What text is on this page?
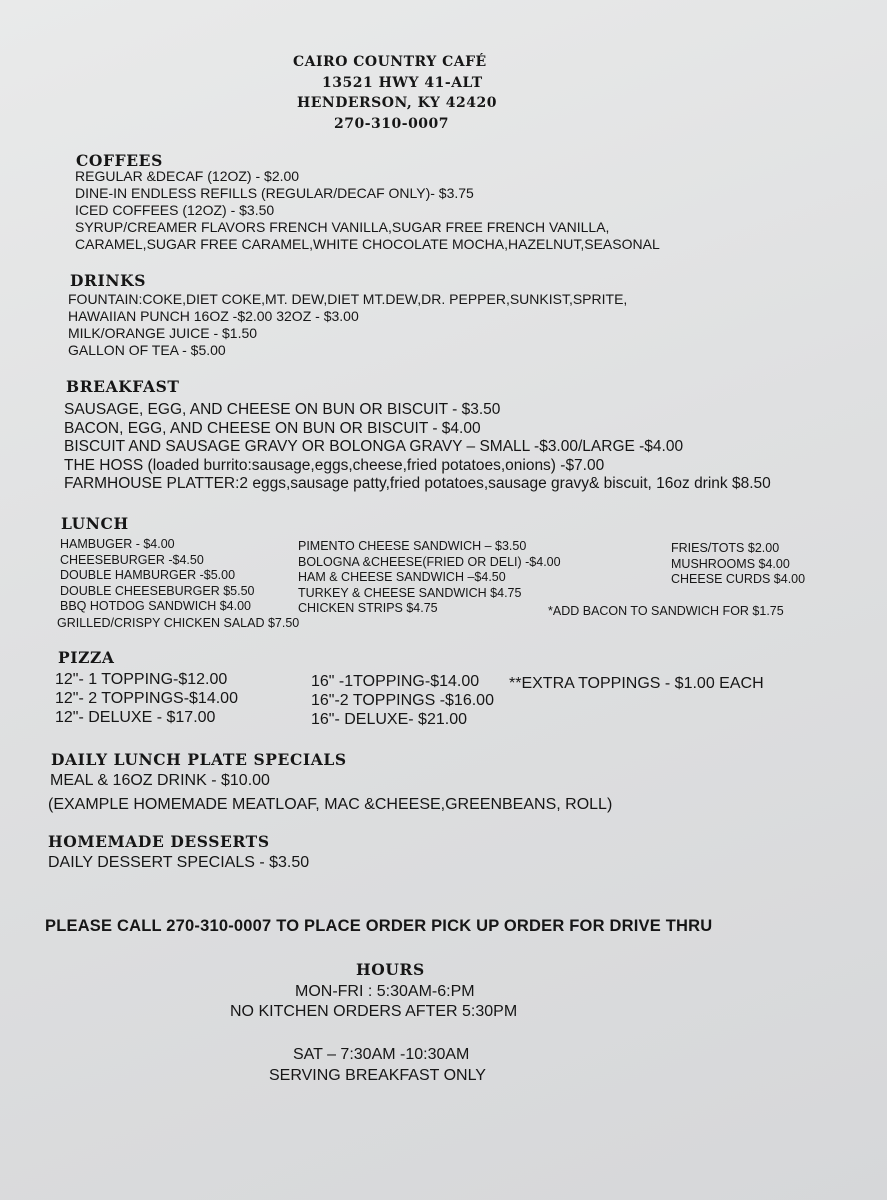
CAIRO COUNTRY CAFÉ
13521 HWY 41-ALT
HENDERSON, KY 42420
270-310-0007
COFFEES
REGULAR &DECAF (12OZ) - $2.00
DINE-IN ENDLESS REFILLS (REGULAR/DECAF ONLY)- $3.75
ICED COFFEES (12OZ) - $3.50
SYRUP/CREAMER FLAVORS FRENCH VANILLA,SUGAR FREE FRENCH VANILLA,
CARAMEL,SUGAR FREE CARAMEL,WHITE CHOCOLATE MOCHA,HAZELNUT,SEASONAL
DRINKS
FOUNTAIN:COKE,DIET COKE,MT. DEW,DIET MT.DEW,DR. PEPPER,SUNKIST,SPRITE,
HAWAIIAN PUNCH 16OZ -$2.00 32OZ - $3.00
MILK/ORANGE JUICE - $1.50
GALLON OF TEA - $5.00
BREAKFAST
SAUSAGE, EGG, AND CHEESE ON BUN OR BISCUIT - $3.50
BACON, EGG, AND CHEESE ON BUN OR BISCUIT - $4.00
BISCUIT AND SAUSAGE GRAVY OR BOLONGA GRAVY – SMALL -$3.00/LARGE -$4.00
THE HOSS (loaded burrito:sausage,eggs,cheese,fried potatoes,onions) -$7.00
FARMHOUSE PLATTER:2 eggs,sausage patty,fried potatoes,sausage gravy& biscuit, 16oz drink $8.50
LUNCH
HAMBUGER - $4.00
CHEESEBURGER -$4.50
DOUBLE HAMBURGER -$5.00
DOUBLE CHEESEBURGER $5.50
BBQ HOTDOG SANDWICH $4.00
PIMENTO CHEESE SANDWICH – $3.50
BOLOGNA &CHEESE(FRIED OR DELI) -$4.00
HAM & CHEESE SANDWICH –$4.50
TURKEY & CHEESE SANDWICH $4.75
CHICKEN STRIPS $4.75
FRIES/TOTS $2.00
MUSHROOMS $4.00
CHEESE CURDS $4.00
*ADD BACON TO SANDWICH FOR $1.75
GRILLED/CRISPY CHICKEN SALAD $7.50
PIZZA
12"- 1 TOPPING-$12.00
12"- 2 TOPPINGS-$14.00
12"- DELUXE - $17.00
16" -1TOPPING-$14.00
16"-2 TOPPINGS -$16.00
16"- DELUXE- $21.00
**EXTRA TOPPINGS - $1.00 EACH
DAILY LUNCH PLATE SPECIALS
MEAL & 16OZ DRINK - $10.00
(EXAMPLE HOMEMADE MEATLOAF, MAC &CHEESE,GREENBEANS, ROLL)
HOMEMADE DESSERTS
DAILY DESSERT SPECIALS - $3.50
PLEASE CALL 270-310-0007 TO PLACE ORDER PICK UP ORDER FOR DRIVE THRU
HOURS
MON-FRI : 5:30AM-6:PM
NO KITCHEN ORDERS AFTER 5:30PM
SAT – 7:30AM -10:30AM
SERVING BREAKFAST ONLY
